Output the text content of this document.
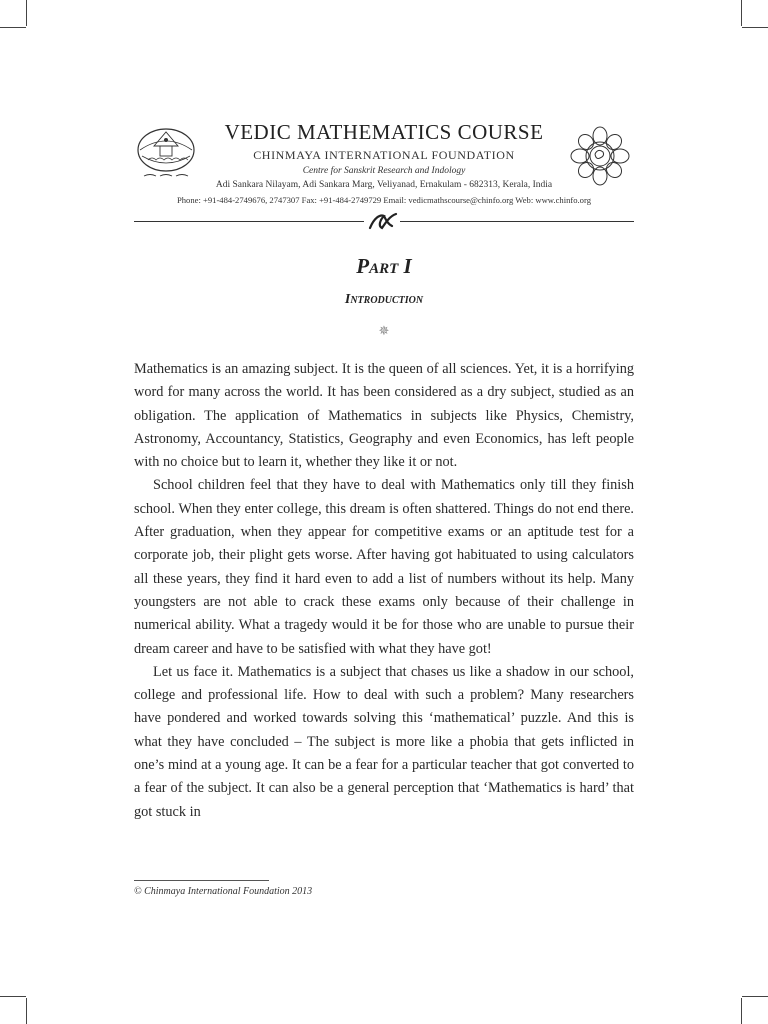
VEDIC MATHEMATICS COURSE
CHINMAYA INTERNATIONAL FOUNDATION
Centre for Sanskrit Research and Indology
Adi Sankara Nilayam, Adi Sankara Marg, Veliyanad, Ernakulam - 682313, Kerala, India
Phone: +91-484-2749676, 2747307 Fax: +91-484-2749729 Email: vedicmathscourse@chinfo.org Web: www.chinfo.org
Part I
Introduction
✵

Mathematics is an amazing subject. It is the queen of all sciences. Yet, it is a horrifying word for many across the world. It has been considered as a dry subject, studied as an obligation. The application of Mathematics in subjects like Physics, Chemistry, Astronomy, Accountancy, Statistics, Geography and even Economics, has left people with no choice but to learn it, whether they like it or not.

School children feel that they have to deal with Mathematics only till they finish school. When they enter college, this dream is often shattered. Things do not end there. After graduation, when they appear for competitive exams or an aptitude test for a corporate job, their plight gets worse. After having got habituated to using calculators all these years, they find it hard even to add a list of numbers without its help. Many youngsters are not able to crack these exams only because of their challenge in numerical ability. What a tragedy would it be for those who are unable to pursue their dream career and have to be satisfied with what they have got!

Let us face it. Mathematics is a subject that chases us like a shadow in our school, college and professional life. How to deal with such a problem? Many researchers have pondered and worked towards solving this ‘mathematical’ puzzle. And this is what they have concluded – The subject is more like a phobia that gets inflicted in one’s mind at a young age. It can be a fear for a particular teacher that got converted to a fear of the subject. It can also be a general perception that ‘Mathematics is hard’ that got stuck in

© Chinmaya International Foundation 2013
